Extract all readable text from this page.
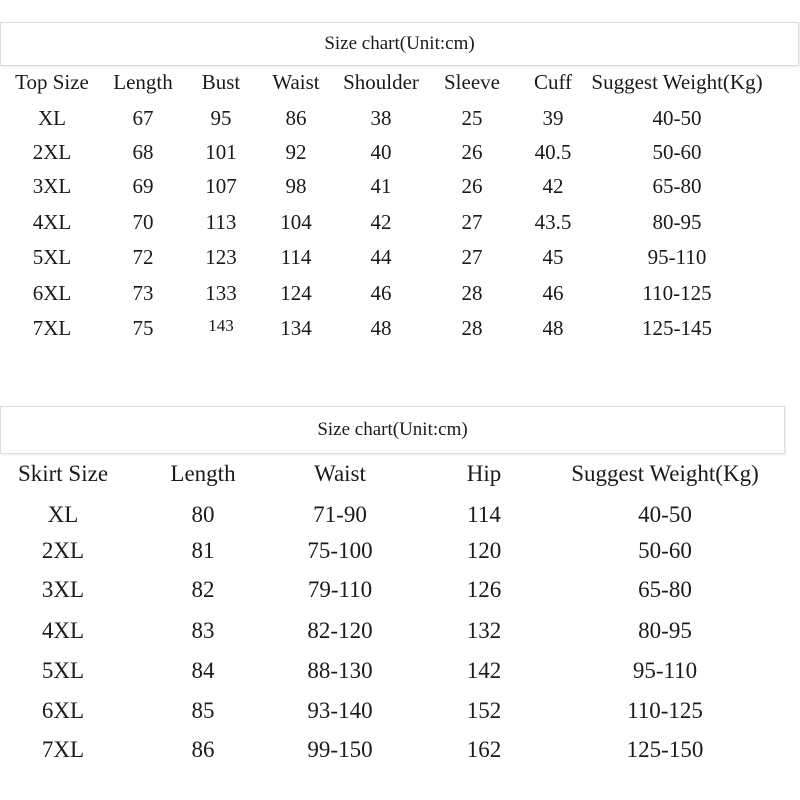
Size chart(Unit:cm)
Top Size Length Bust Waist Shoulder Sleeve Cuff Suggest Weight(Kg)
XL	67	95	86	38	25	39	40-50
2XL	68 101 92	40	26 40.5	50-60
3XL	69 107 98	41	26	42	65-80
4XL	70 113 104	42	27 43.5	80-95
5XL	72 123 114	44	27	45	95-110
6XL	73 133 124	46	28	46	110-125
7XL	75	143 134	48	28	48	125-145
Size chart(Unit:cm)
Skirt Size	Length	Waist	Hip	Suggest Weight(Kg)
XL	80	71-90	114	40-50
2XL	81	75-100	120	50-60
3XL	82	79-110	126	65-80
4XL	83	82-120	132	80-95
5XL	84	88-130	142	95-110
6XL	85	93-140	152	110-125
7XL	86	99-150	162	125-150
